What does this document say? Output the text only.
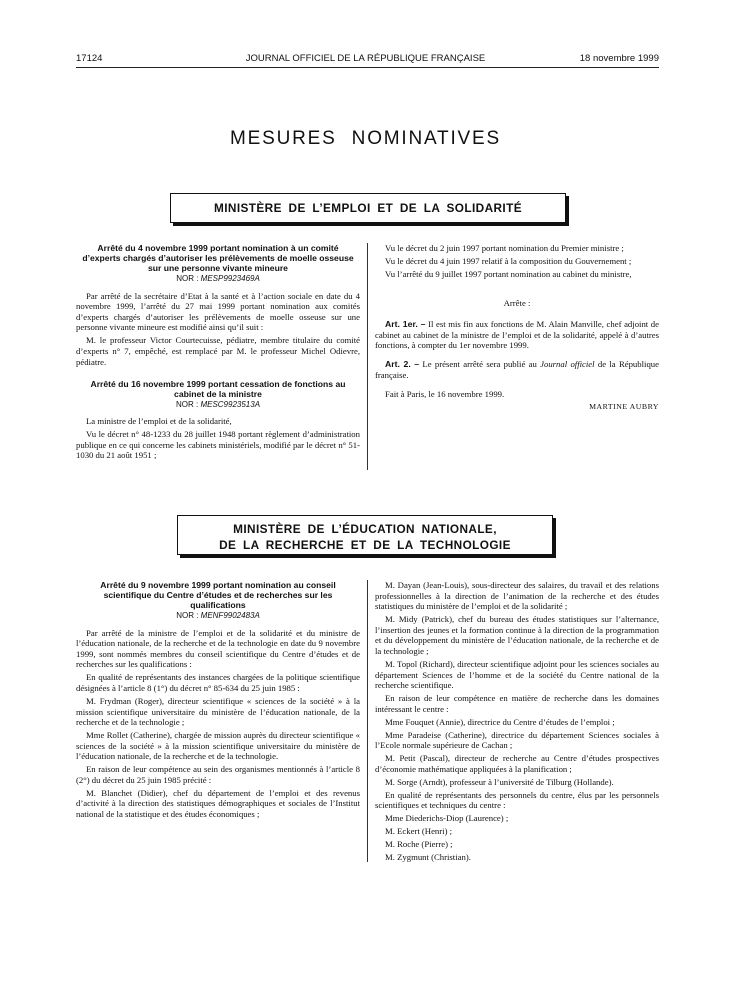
17124	JOURNAL OFFICIEL DE LA RÉPUBLIQUE FRANÇAISE	18 novembre 1999
MESURES NOMINATIVES
MINISTÈRE DE L’EMPLOI ET DE LA SOLIDARITÉ
Arrêté du 4 novembre 1999 portant nomination à un comité d’experts chargés d’autoriser les prélèvements de moelle osseuse sur une personne vivante mineure
NOR : MESP9923469A

Par arrêté de la secrétaire d’Etat à la santé et à l’action sociale en date du 4 novembre 1999, l’arrêté du 27 mai 1999 portant nomination aux comités d’experts chargés d’autoriser les prélèvements de moelle osseuse sur une personne vivante mineure est modifié ainsi qu’il suit :

M. le professeur Victor Courtecuisse, pédiatre, membre titulaire du comité d’experts n° 7, empêché, est remplacé par M. le professeur Michel Odievre, pédiatre.

Arrêté du 16 novembre 1999 portant cessation de fonctions au cabinet de la ministre
NOR : MESC9923513A

La ministre de l’emploi et de la solidarité,

Vu le décret n° 48-1233 du 28 juillet 1948 portant règlement d’administration publique en ce qui concerne les cabinets ministériels, modifié par le décret n° 51-1030 du 21 août 1951 ;

Vu le décret du 2 juin 1997 portant nomination du Premier ministre ;

Vu le décret du 4 juin 1997 relatif à la composition du Gouvernement ;

Vu l’arrêté du 9 juillet 1997 portant nomination au cabinet du ministre,

Arrête :

Art. 1er. – Il est mis fin aux fonctions de M. Alain Manville, chef adjoint de cabinet au cabinet de la ministre de l’emploi et de la solidarité, appelé à d’autres fonctions, à compter du 1er novembre 1999.

Art. 2. – Le présent arrêté sera publié au Journal officiel de la République française.

Fait à Paris, le 16 novembre 1999.

MARTINE AUBRY

MINISTÈRE DE L’ÉDUCATION NATIONALE,
DE LA RECHERCHE ET DE LA TECHNOLOGIE
Arrêté du 9 novembre 1999 portant nomination au conseil scientifique du Centre d’études et de recherches sur les qualifications
NOR : MENF9902483A

Par arrêté de la ministre de l’emploi et de la solidarité et du ministre de l’éducation nationale, de la recherche et de la technologie en date du 9 novembre 1999, sont nommés membres du conseil scientifique du Centre d’études et de recherches sur les qualifications :

En qualité de représentants des instances chargées de la politique scientifique désignées à l’article 8 (1°) du décret n° 85-634 du 25 juin 1985 :

M. Frydman (Roger), directeur scientifique « sciences de la société » à la mission scientifique universitaire du ministère de l’éducation nationale, de la recherche et de la technologie ;

Mme Rollet (Catherine), chargée de mission auprès du directeur scientifique « sciences de la société » à la mission scientifique universitaire du ministère de l’éducation nationale, de la recherche et de la technologie.

En raison de leur compétence au sein des organismes mentionnés à l’article 8 (2°) du décret du 25 juin 1985 précité :

M. Blanchet (Didier), chef du département de l’emploi et des revenus d’activité à la direction des statistiques démographiques et sociales de l’Institut national de la statistique et des études économiques ;

M. Dayan (Jean-Louis), sous-directeur des salaires, du travail et des relations professionnelles à la direction de l’animation de la recherche et des études statistiques du ministère de l’emploi et de la solidarité ;

M. Midy (Patrick), chef du bureau des études statistiques sur l’alternance, l’insertion des jeunes et la formation continue à la direction de la programmation et du développement du ministère de l’éducation nationale, de la recherche et de la technologie ;

M. Topol (Richard), directeur scientifique adjoint pour les sciences sociales au département Sciences de l’homme et de la société du Centre national de la recherche scientifique.

En raison de leur compétence en matière de recherche dans les domaines intéressant le centre :

Mme Fouquet (Annie), directrice du Centre d’études de l’emploi ;

Mme Paradeise (Catherine), directrice du département Sciences sociales à l’Ecole normale supérieure de Cachan ;

M. Petit (Pascal), directeur de recherche au Centre d’études prospectives d’économie mathématique appliquées à la planification ;

M. Sorge (Arndt), professeur à l’université de Tilburg (Hollande).

En qualité de représentants des personnels du centre, élus par les personnels scientifiques et techniques du centre :

Mme Diederichs-Diop (Laurence) ;

M. Eckert (Henri) ;

M. Roche (Pierre) ;

M. Zygmunt (Christian).
